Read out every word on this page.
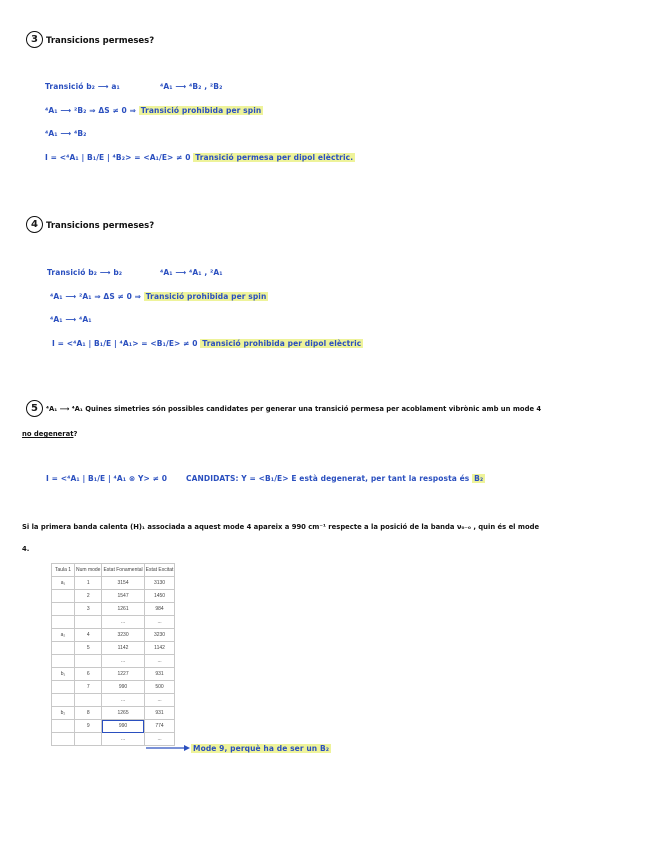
3 Transicions permeses?
Transició b₂ ⟶ a₁	⁴A₁ ⟶ ⁴B₂ , ²B₂
⁴A₁ ⟶ ²B₂ ⇒ ΔS ≠ 0 ⇒ Transició prohibida per spin
⁴A₁ ⟶ ⁴B₂
I = <⁴A₁ | B₁/E | ⁴B₂> = <A₁/E> ≠ 0 Transició permesa per dipol elèctric.
4 Transicions permeses?
Transició b₂ ⟶ b₂	⁴A₁ ⟶ ⁴A₁ , ²A₁
⁴A₁ ⟶ ²A₁ ⇒ ΔS ≠ 0 ⇒ Transició prohibida per spin
⁴A₁ ⟶ ⁴A₁
I = <⁴A₁ | B₁/E | ⁴A₁> = <B₁/E> ≠ 0 Transició prohibida per dipol elèctric
5	⁴A₁ ⟶ ⁴A₁ Quines simetries són possibles candidates per generar una transició permesa per acoblament vibrònic amb un mode 4
no degenerat?
I = <⁴A₁ | B₁/E | ⁴A₁ ⊗ Υ> ≠ 0	CANDIDATS: Υ = <B₁/E> E està degenerat, per tant la resposta és B₂
Si la primera banda calenta (H)₁ associada a aquest mode 4 apareix a 990 cm⁻¹ respecte a la posició de la banda ν₀₋₀ , quin és el mode
4.
Taula 1	Num mode	Estat Fonamental	Estat Excitat
a₁	1	3154	3130
	2	1547	1450
	3	1261	984
		...	...
a₂	4	3230	3230
	5	1142	1142
		...	...
b₁	6	1227	931
	7	990	500
		...	...
b₂	8	1265	931
	9	990	774
		...	...
Mode 9, perquè ha de ser un B₂
